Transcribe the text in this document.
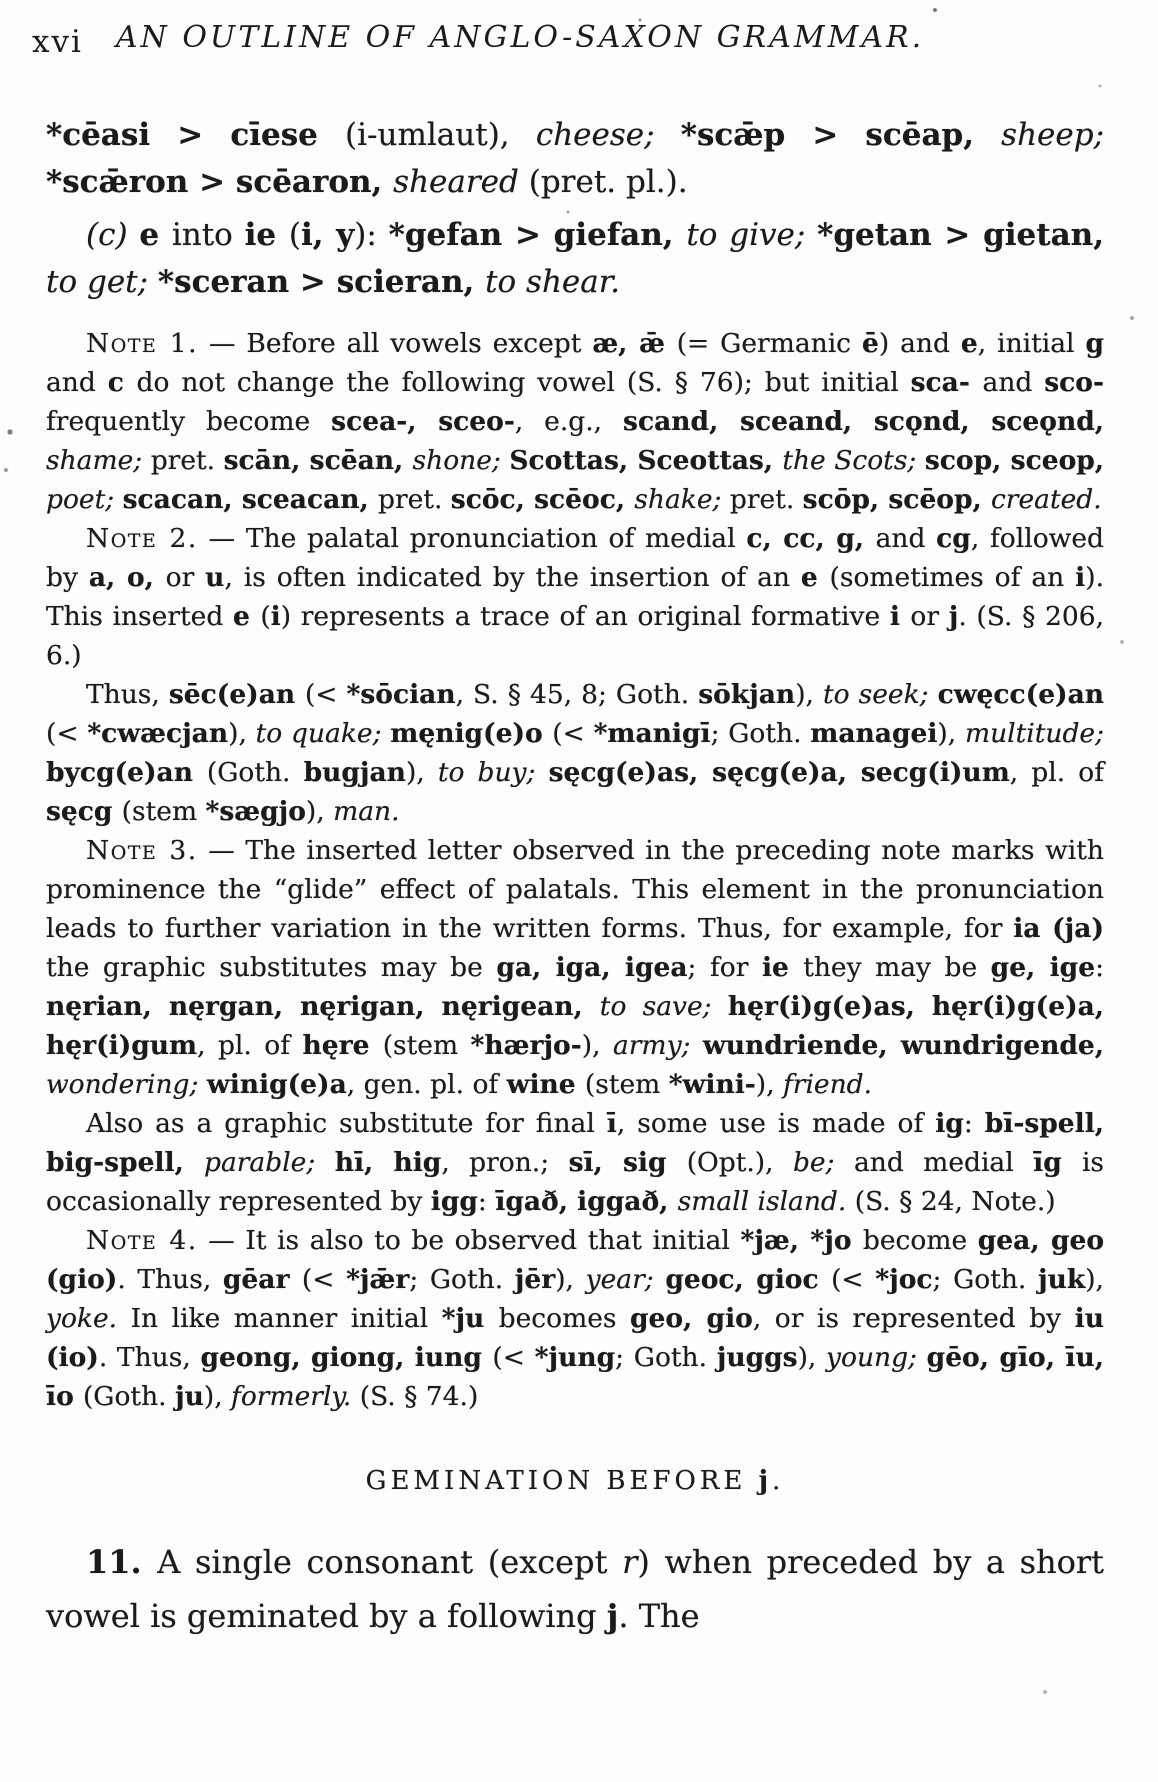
xvi	AN OUTLINE OF ANGLO-SAXON GRAMMAR.

*cēasi > cīese (i-umlaut), cheese; *scǣp > scēap, sheep; *scǣron > scēaron, sheared (pret. pl.).

(c) e into ie (i, y): *gefan > giefan, to give; *getan > gietan, to get; *sceran > scieran, to shear.

Note 1. — Before all vowels except æ, ǣ (= Germanic ē) and e, initial g and c do not change the following vowel (S. § 76); but initial sca- and sco- frequently become scea-, sceo-, e.g., scand, sceand, scǫnd, sceǫnd, shame; pret. scān, scēan, shone; Scottas, Sceottas, the Scots; scop, sceop, poet; scacan, sceacan, pret. scōc, scēoc, shake; pret. scōp, scēop, created.

Note 2. — The palatal pronunciation of medial c, cc, g, and cg, followed by a, o, or u, is often indicated by the insertion of an e (sometimes of an i). This inserted e (i) represents a trace of an original formative i or j. (S. § 206, 6.)

Thus, sēc(e)an (< *sōcian, S. § 45, 8; Goth. sōkjan), to seek; cwęcc(e)an (< *cwæcjan), to quake; męnig(e)o (< *manigī; Goth. managei), multitude; bycg(e)an (Goth. bugjan), to buy; sęcg(e)as, sęcg(e)a, secg(i)um, pl. of sęcg (stem *sægjo), man.

Note 3. — The inserted letter observed in the preceding note marks with prominence the “glide” effect of palatals. This element in the pronunciation leads to further variation in the written forms. Thus, for example, for ia (ja) the graphic substitutes may be ga, iga, igea; for ie they may be ge, ige: nęrian, nęrgan, nęrigan, nęrigean, to save; hęr(i)g(e)as, hęr(i)g(e)a, hęr(i)gum, pl. of hęre (stem *hærjo-), army; wundriende, wundrigende, wondering; winig(e)a, gen. pl. of wine (stem *wini-), friend.

Also as a graphic substitute for final ī, some use is made of ig: bī-spell, big-spell, parable; hī, hig, pron.; sī, sig (Opt.), be; and medial īg is occasionally represented by igg: īgað, iggað, small island. (S. § 24, Note.)

Note 4. — It is also to be observed that initial *jæ, *jo become gea, geo (gio). Thus, gēar (< *jǣr; Goth. jēr), year; geoc, gioc (< *joc; Goth. juk), yoke. In like manner initial *ju becomes geo, gio, or is represented by iu (io). Thus, geong, giong, iung (< *jung; Goth. juggs), young; gēo, gīo, īu, īo (Goth. ju), formerly. (S. § 74.)

GEMINATION BEFORE j.

11. A single consonant (except r) when preceded by a short vowel is geminated by a following j. The
